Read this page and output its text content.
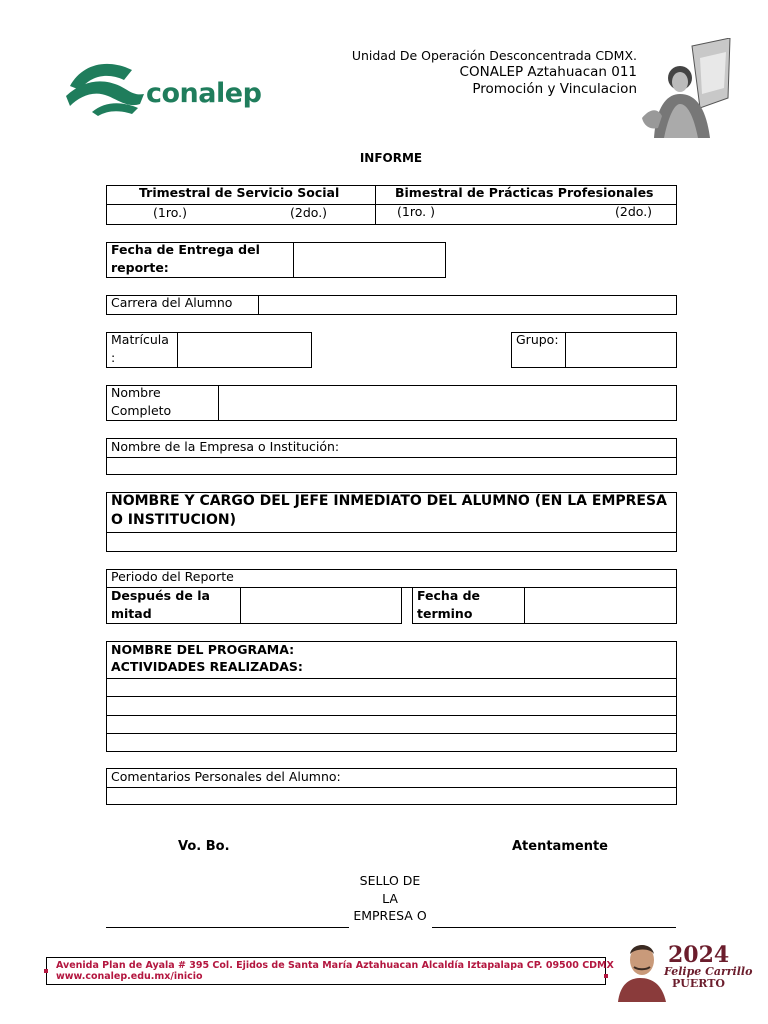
conalep
Unidad De Operación Desconcentrada CDMX.
CONALEP Aztahuacan 011
Promoción y Vinculacion
INFORME
Trimestral de Servicio Social	Bimestral de Prácticas Profesionales
(1ro.)	(2do.)	(1ro. )	(2do.)
Fecha de Entrega del reporte:
Carrera del Alumno
Matrícula :
Grupo:
Nombre Completo
Nombre de la Empresa o Institución:
NOMBRE Y CARGO DEL JEFE INMEDIATO DEL ALUMNO (EN LA EMPRESA O INSTITUCION)
Periodo del Reporte
Después de la mitad
Fecha de termino
NOMBRE DEL PROGRAMA:
ACTIVIDADES REALIZADAS:
Comentarios Personales del Alumno:
Vo. Bo.	Atentamente
SELLO DE
LA
EMPRESA O
Avenida Plan de Ayala # 395 Col. Ejidos de Santa María Aztahuacan Alcaldía Iztapalapa CP. 09500 CDMX
www.conalep.edu.mx/inicio
2024
Felipe Carrillo
PUERTO
